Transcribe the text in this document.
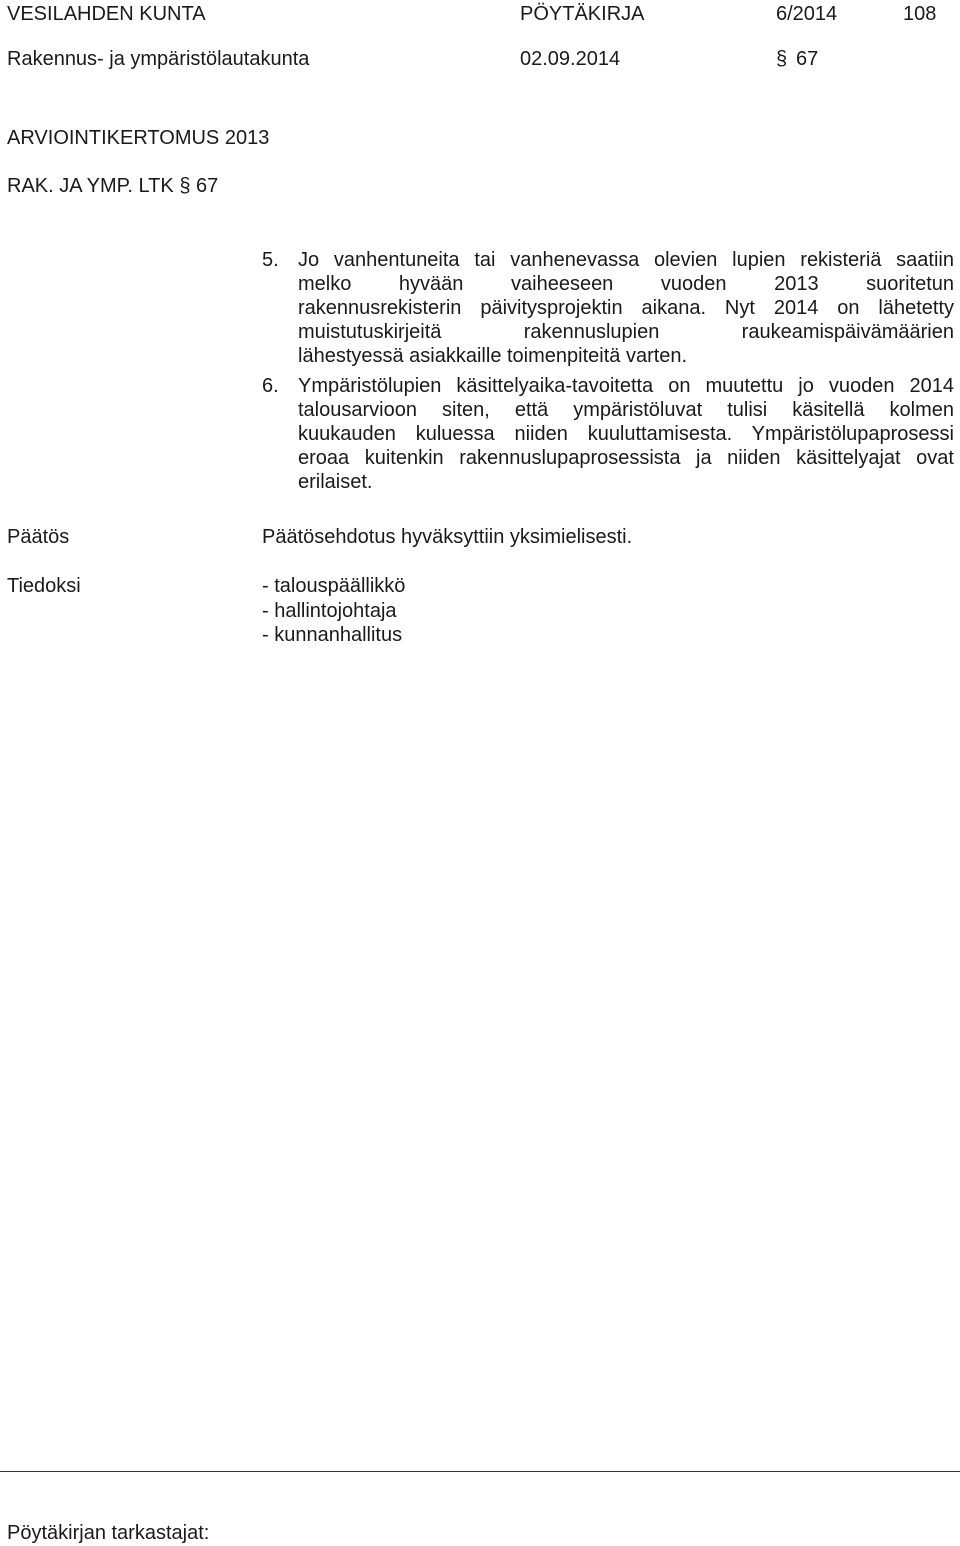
VESILAHDEN KUNTA	PÖYTÄKIRJA	6/2014	108
Rakennus- ja ympäristölautakunta	02.09.2014	§ 67
ARVIOINTIKERTOMUS 2013
RAK. JA YMP. LTK § 67
5. Jo vanhentuneita tai vanhenevassa olevien lupien rekisteriä saatiin
melko hyvään vaiheeseen vuoden 2013 suoritetun
rakennusrekisterin päivitysprojektin aikana. Nyt 2014 on lähetetty
muistutuskirjeitä rakennuslupien raukeamispäivämäärien
lähestyessä asiakkaille toimenpiteitä varten.
6. Ympäristölupien käsittelyaika-tavoitetta on muutettu jo vuoden 2014
talousarvioon siten, että ympäristöluvat tulisi käsitellä kolmen
kuukauden kuluessa niiden kuuluttamisesta. Ympäristölupaprosessi
eroaa kuitenkin rakennuslupaprosessista ja niiden käsittelyajat ovat
erilaiset.
Päätös	Päätösehdotus hyväksyttiin yksimielisesti.
Tiedoksi	- talouspäällikkö
- hallintojohtaja
- kunnanhallitus
Pöytäkirjan tarkastajat:
